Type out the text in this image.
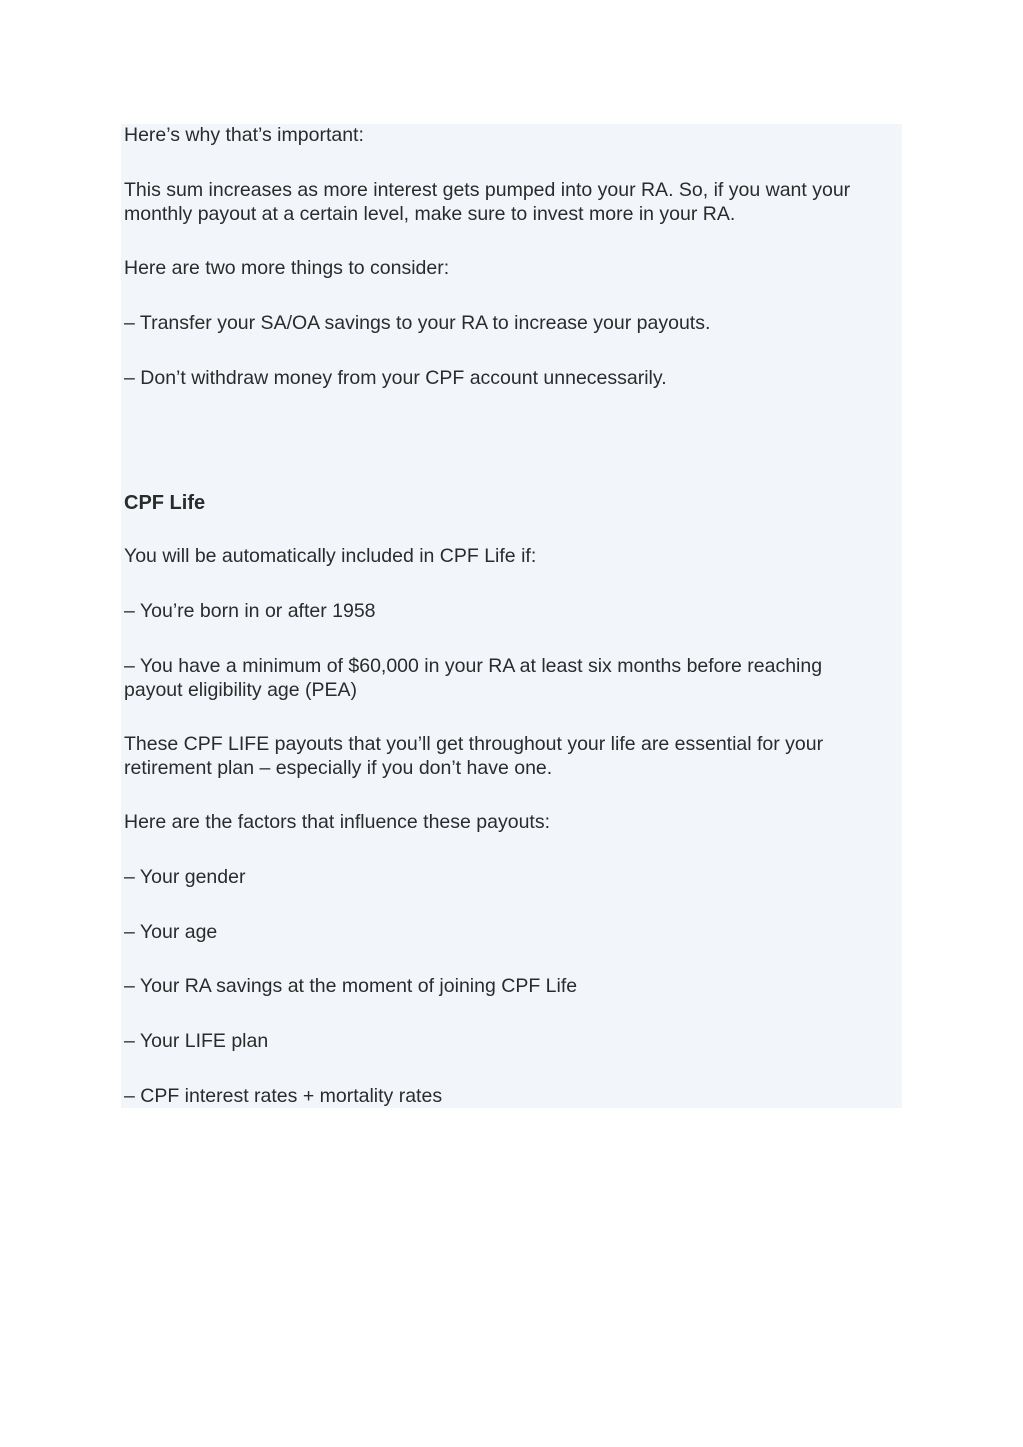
Here’s why that’s important:

This sum increases as more interest gets pumped into your RA. So, if you want your

monthly payout at a certain level, make sure to invest more in your RA.

Here are two more things to consider:

– Transfer your SA/OA savings to your RA to increase your payouts.

– Don’t withdraw money from your CPF account unnecessarily.

CPF Life

You will be automatically included in CPF Life if:

– You’re born in or after 1958

– You have a minimum of $60,000 in your RA at least six months before reaching

payout eligibility age (PEA)

These CPF LIFE payouts that you’ll get throughout your life are essential for your

retirement plan – especially if you don’t have one.

Here are the factors that influence these payouts:

– Your gender

– Your age

– Your RA savings at the moment of joining CPF Life

– Your LIFE plan

– CPF interest rates + mortality rates
